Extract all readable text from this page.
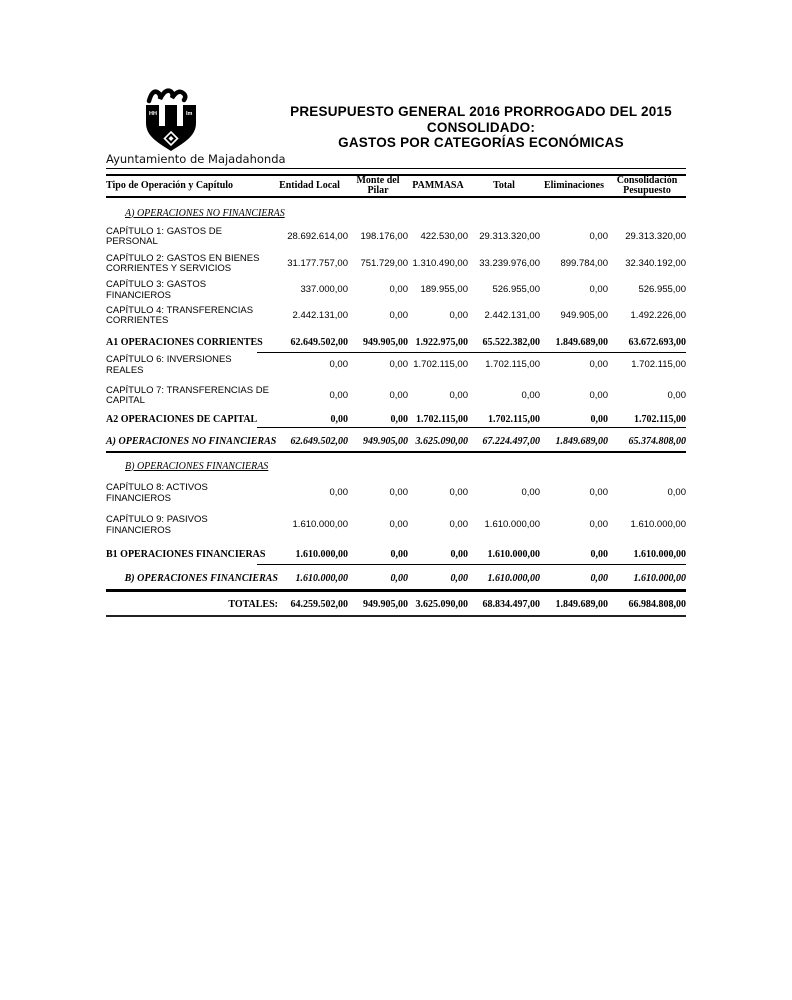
HH	Im	PRESUPUESTO GENERAL 2016 PRORROGADO DEL 2015
CONSOLIDADO:
GASTOS POR CATEGORÍAS ECONÓMICAS
Ayuntamiento de Majadahonda
Tipo de Operación y Capítulo	Entidad Local	Monte del Pilar	PAMMASA	Total	Eliminaciones	Consolidación Pesupuesto
A) OPERACIONES NO FINANCIERAS
CAPÍTULO 1: GASTOS DE PERSONAL	28.692.614,00	198.176,00	422.530,00	29.313.320,00	0,00	29.313.320,00
CAPÍTULO 2: GASTOS EN BIENES CORRIENTES Y SERVICIOS	31.177.757,00	751.729,00 1.310.490,00	33.239.976,00	899.784,00	32.340.192,00
CAPÍTULO 3: GASTOS FINANCIEROS	337.000,00	0,00	189.955,00	526.955,00	0,00	526.955,00
CAPÍTULO 4: TRANSFERENCIAS CORRIENTES	2.442.131,00	0,00	0,00	2.442.131,00	949.905,00	1.492.226,00
A1 OPERACIONES CORRIENTES	62.649.502,00	949.905,00 1.922.975,00	65.522.382,00	1.849.689,00	63.672.693,00
CAPÍTULO 6: INVERSIONES REALES	0,00	0,00 1.702.115,00	1.702.115,00	0,00	1.702.115,00
CAPÍTULO 7: TRANSFERENCIAS DE CAPITAL	0,00	0,00	0,00	0,00	0,00	0,00
A2 OPERACIONES DE CAPITAL	0,00	0,00 1.702.115,00	1.702.115,00	0,00	1.702.115,00
A) OPERACIONES NO FINANCIERAS	62.649.502,00	949.905,00 3.625.090,00	67.224.497,00	1.849.689,00	65.374.808,00
B) OPERACIONES FINANCIERAS
CAPÍTULO 8: ACTIVOS FINANCIEROS	0,00	0,00	0,00	0,00	0,00	0,00
CAPÍTULO 9: PASIVOS FINANCIEROS	1.610.000,00	0,00	0,00	1.610.000,00	0,00	1.610.000,00
B1 OPERACIONES FINANCIERAS	1.610.000,00	0,00	0,00	1.610.000,00	0,00	1.610.000,00
B) OPERACIONES FINANCIERAS	1.610.000,00	0,00	0,00	1.610.000,00	0,00	1.610.000,00
TOTALES:	64.259.502,00	949.905,00 3.625.090,00	68.834.497,00	1.849.689,00	66.984.808,00
